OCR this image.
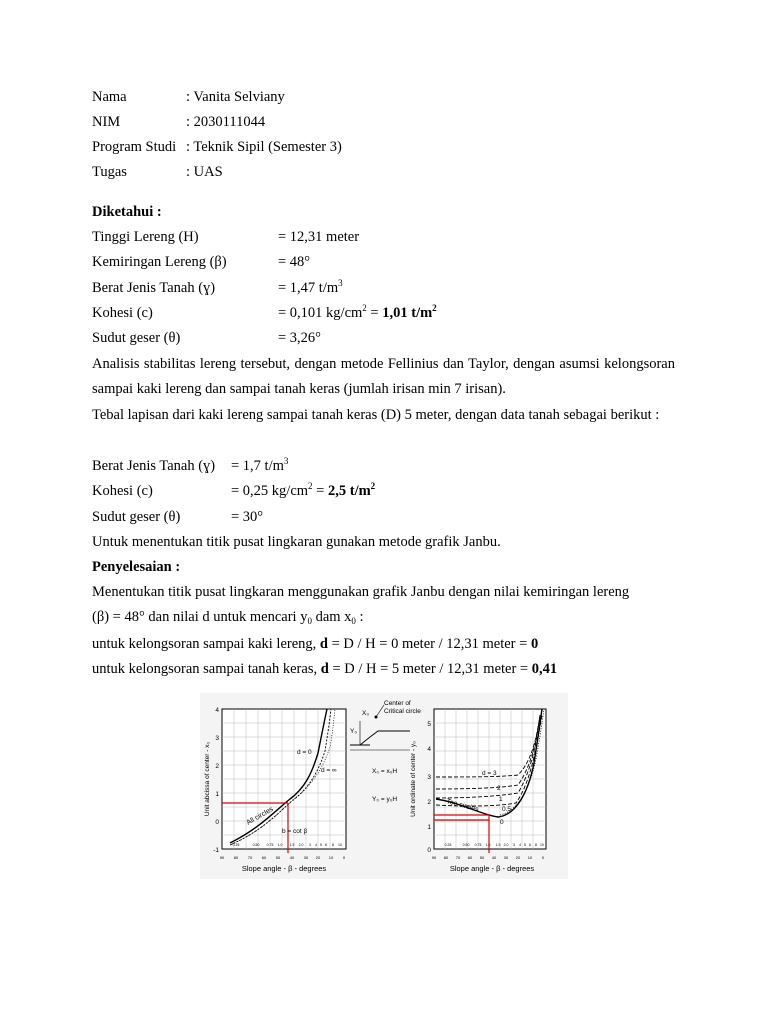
Nama	: Vanita Selviany
NIM	: 2030111044
Program Studi : Teknik Sipil (Semester 3)
Tugas	: UAS
Diketahui :
Tinggi Lereng (H)	= 12,31 meter
Kemiringan Lereng (β)	= 48°
Berat Jenis Tanah (ɣ)	= 1,47 $t/m^3$
Kohesi (c)	= 0,101 $kg/cm^2 = 1,01$ $t/m^2$
Sudut geser (θ)	= 3,26°
Analisis stabilitas lereng tersebut, dengan metode Fellinius dan Taylor, dengan asumsi kelongsoran sampai kaki lereng dan sampai tanah keras (jumlah irisan min 7 irisan).
Tebal lapisan dari kaki lereng sampai tanah keras (D) 5 meter, dengan data tanah sebagai berikut :
Berat Jenis Tanah (ɣ) = 1,7 $t/m^3$
Kohesi (c)	= 0,25 $kg/cm^2 = 2,5$ $t/m^2$
Sudut geser (θ)	= 30°
Untuk menentukan titik pusat lingkaran gunakan metode grafik Janbu.
Penyelesaian :
Menentukan titik pusat lingkaran menggunakan grafik Janbu dengan nilai kemiringan lereng
(β) = 48° dan nilai d untuk mencari $y_0$ dam $x_0$ :
untuk kelongsoran sampai kaki lereng, d = D / H = 0 meter / 12,31 meter = 0
untuk kelongsoran sampai tanah keras, d = D / H = 5 meter / 12,31 meter = 0,41
d = 0
d = ∞
All circles
b = cot β
4
3
2
1
0
-1
90 80 70 60 50 40 30 20 10 0
0.25	0.50 0.75 1.0 1.5 2.0 3 4 5 6 8 10
Slope angle - β - degrees
Unit abcissa of center - x₀
Center of
Critical circle
X₀
Y₀
X₀ = x₀H
Y₀ = y₀H
d = 3
2
1
0.5
0
Toe circles
5
4
3
2
1
0
90 80 70 60 50 40 30 20 10 0
0.25	0.50 0.75 1.0 1.5 2.0 3 4 5 6 8 10
Slope angle - β - degrees
Unit ordinate of center - y₀
